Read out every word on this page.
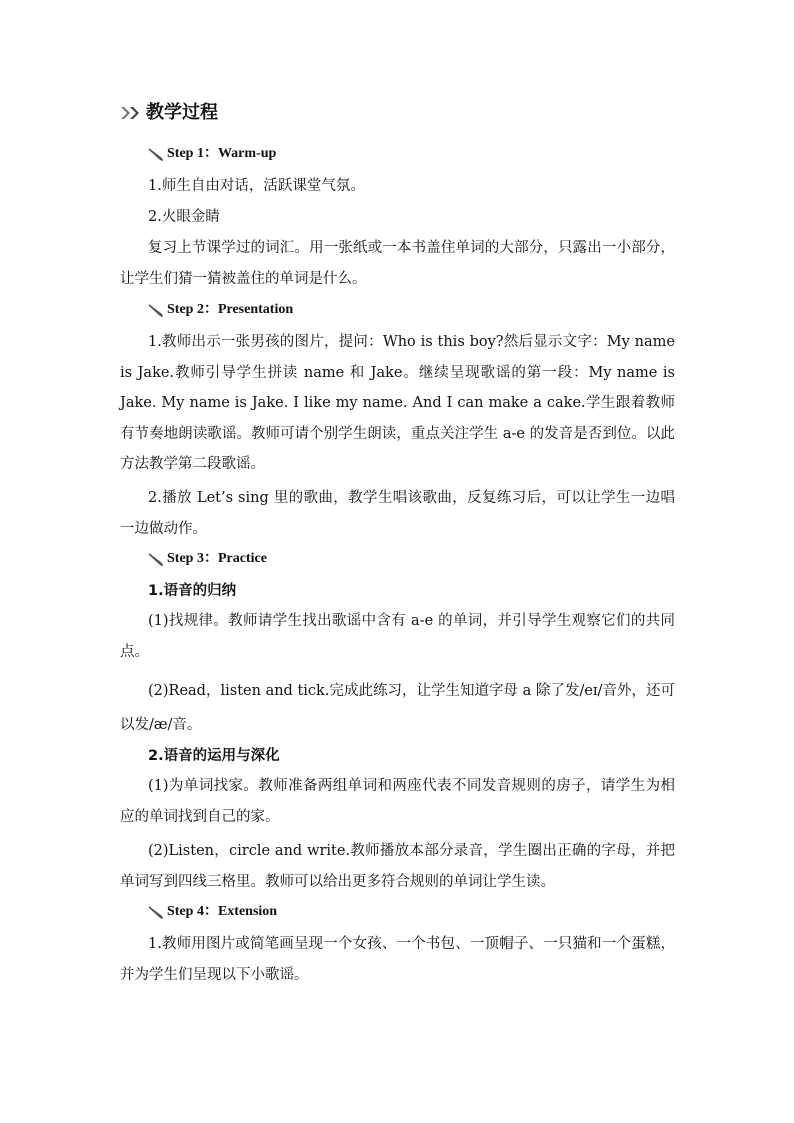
教学过程
Step 1：Warm-up
1.师生自由对话，活跃课堂气氛。
2.火眼金睛
复习上节课学过的词汇。用一张纸或一本书盖住单词的大部分，只露出一小部分，让学生们猜一猜被盖住的单词是什么。
Step 2：Presentation
1.教师出示一张男孩的图片，提问：Who is this boy?然后显示文字：My name is Jake.教师引导学生拼读 name 和 Jake。继续呈现歌谣的第一段：My name is Jake. My name is Jake. I like my name. And I can make a cake.学生跟着教师有节奏地朗读歌谣。教师可请个别学生朗读，重点关注学生 a-e 的发音是否到位。以此方法教学第二段歌谣。
2.播放 Let’s sing 里的歌曲，教学生唱该歌曲，反复练习后，可以让学生一边唱一边做动作。
Step 3：Practice
1.语音的归纳
(1)找规律。教师请学生找出歌谣中含有 a-e 的单词，并引导学生观察它们的共同点。
(2)Read，listen and tick.完成此练习，让学生知道字母 a 除了发/eɪ/音外，还可以发/æ/音。
2.语音的运用与深化
(1)为单词找家。教师准备两组单词和两座代表不同发音规则的房子，请学生为相应的单词找到自己的家。
(2)Listen，circle and write.教师播放本部分录音，学生圈出正确的字母，并把单词写到四线三格里。教师可以给出更多符合规则的单词让学生读。
Step 4：Extension
1.教师用图片或简笔画呈现一个女孩、一个书包、一顶帽子、一只猫和一个蛋糕，并为学生们呈现以下小歌谣。
